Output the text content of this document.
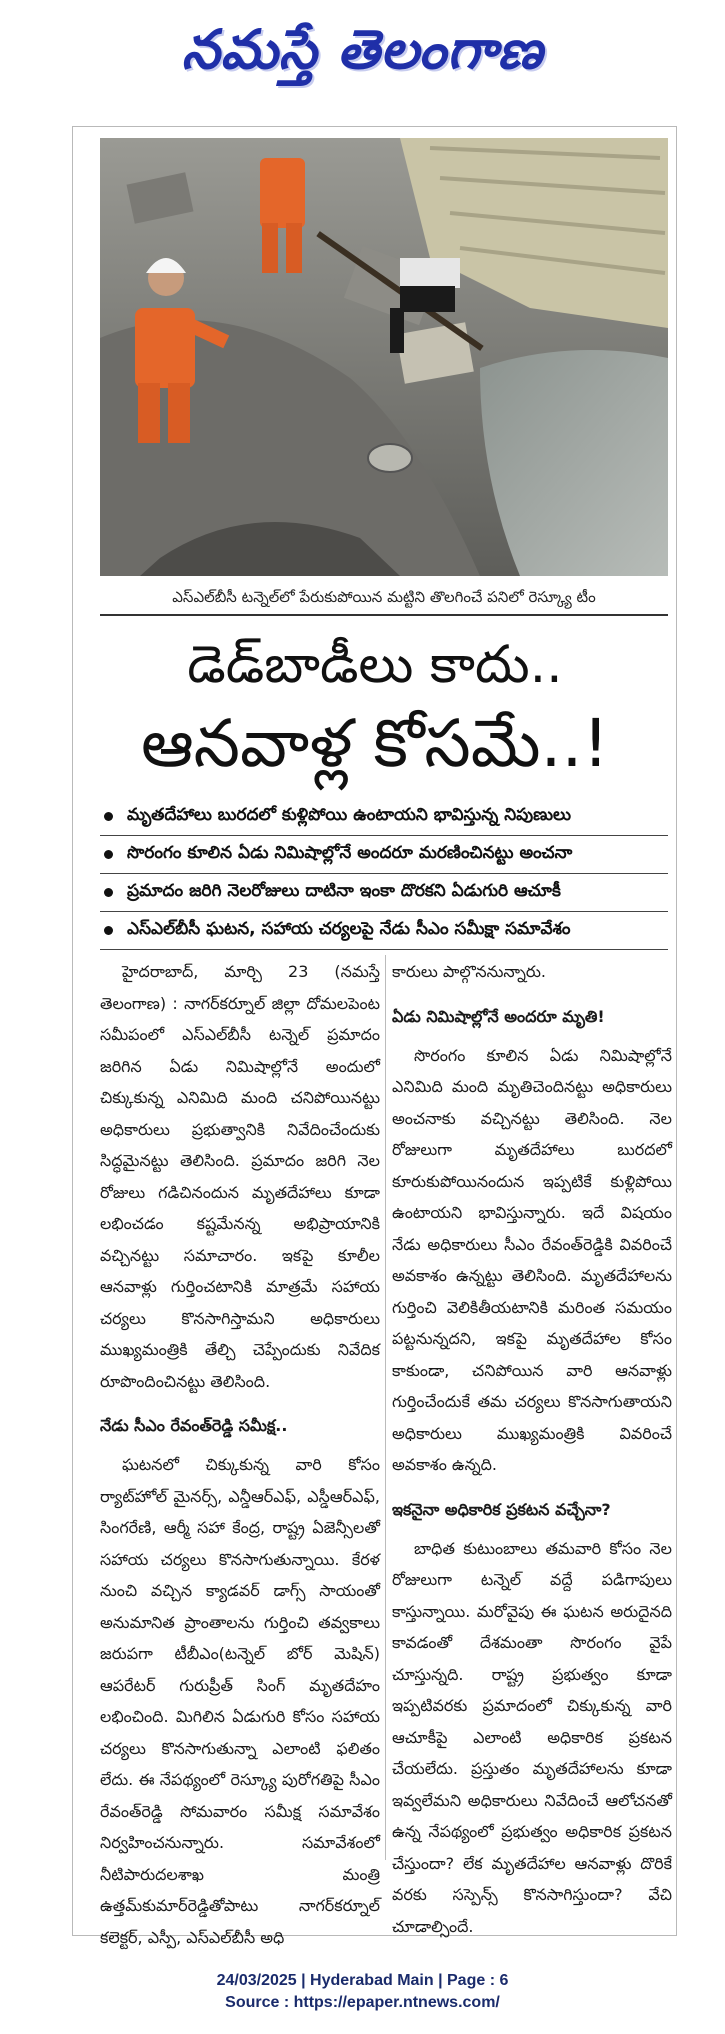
నమస్తే తెలంగాణ
ఎస్‌ఎల్‌బీసీ టన్నెల్‌లో పేరుకుపోయిన మట్టిని తొలగించే పనిలో రెస్క్యూ టీం
డెడ్‌బాడీలు కాదు..
ఆనవాళ్ల కోసమే..!
మృతదేహాలు బురదలో కుళ్లిపోయి ఉంటాయని భావిస్తున్న నిపుణులు
సొరంగం కూలిన ఏడు నిమిషాల్లోనే అందరూ మరణించినట్టు అంచనా
ప్రమాదం జరిగి నెలరోజులు దాటినా ఇంకా దొరకని ఏడుగురి ఆచూకీ
ఎస్‌ఎల్‌బీసీ ఘటన, సహాయ చర్యలపై నేడు సీఎం సమీక్షా సమావేశం

హైదరాబాద్, మార్చి 23 (నమస్తే తెలంగాణ) : నాగర్‌కర్నూల్ జిల్లా దోమలపెంట సమీపంలో ఎస్‌ఎల్‌బీసీ టన్నెల్ ప్రమాదం జరిగిన ఏడు నిమిషాల్లోనే అందులో చిక్కుకున్న ఎనిమిది మంది చనిపోయినట్టు అధికారులు ప్రభుత్వానికి నివేదించేందుకు సిద్ధమైనట్టు తెలిసింది. ప్రమాదం జరిగి నెల రోజులు గడిచినందున మృతదేహాలు కూడా లభించడం కష్టమేనన్న అభిప్రాయానికి వచ్చినట్టు సమాచారం. ఇకపై కూలీల ఆనవాళ్లు గుర్తించటానికి మాత్రమే సహాయ చర్యలు కొనసాగిస్తామని అధికారులు ముఖ్యమంత్రికి తేల్చి చెప్పేందుకు నివేదిక రూపొందించినట్టు తెలిసింది.

నేడు సీఎం రేవంత్‌రెడ్డి సమీక్ష..

ఘటనలో చిక్కుకున్న వారి కోసం ర్యాట్‌హోల్ మైనర్స్, ఎన్డీఆర్‌ఎఫ్, ఎస్డీఆర్‌ఎఫ్, సింగరేణి, ఆర్మీ సహా కేంద్ర, రాష్ట్ర ఏజెన్సీలతో సహాయ చర్యలు కొనసాగుతున్నాయి. కేరళ నుంచి వచ్చిన క్యాడవర్ డాగ్స్ సాయంతో అనుమానిత ప్రాంతాలను గుర్తించి తవ్వకాలు జరుపగా టీబీఎం(టన్నెల్ బోర్ మెషిన్) ఆపరేటర్ గురుప్రీత్ సింగ్ మృతదేహం లభించింది. మిగిలిన ఏడుగురి కోసం సహాయ చర్యలు కొనసాగుతున్నా ఎలాంటి ఫలితం లేదు. ఈ నేపథ్యంలో రెస్క్యూ పురోగతిపై సీఎం రేవంత్‌రెడ్డి సోమవారం సమీక్ష సమావేశం నిర్వహించనున్నారు. సమావేశంలో నీటిపారుదలశాఖ మంత్రి ఉత్తమ్‌కుమార్‌రెడ్డితోపాటు నాగర్‌కర్నూల్ కలెక్టర్, ఎస్పీ, ఎస్‌ఎల్‌బీసీ అధి

కారులు పాల్గొననున్నారు.

ఏడు నిమిషాల్లోనే అందరూ మృతి!

సొరంగం కూలిన ఏడు నిమిషాల్లోనే ఎనిమిది మంది మృతిచెందినట్టు అధికారులు అంచనాకు వచ్చినట్టు తెలిసింది. నెల రోజులుగా మృతదేహాలు బురదలో కూరుకుపోయినందున ఇప్పటికే కుళ్లిపోయి ఉంటాయని భావిస్తున్నారు. ఇదే విషయం నేడు అధికారులు సీఎం రేవంత్‌రెడ్డికి వివరించే అవకాశం ఉన్నట్టు తెలిసింది. మృతదేహాలను గుర్తించి వెలికితీయటానికి మరింత సమయం పట్టనున్నదని, ఇకపై మృతదేహాల కోసం కాకుండా, చనిపోయిన వారి ఆనవాళ్లు గుర్తించేందుకే తమ చర్యలు కొనసాగుతాయని అధికారులు ముఖ్యమంత్రికి వివరించే అవకాశం ఉన్నది.

ఇకనైనా అధికారిక ప్రకటన వచ్చేనా?

బాధిత కుటుంబాలు తమవారి కోసం నెల రోజులుగా టన్నెల్ వద్దే పడిగాపులు కాస్తున్నాయి. మరోవైపు ఈ ఘటన అరుదైనది కావడంతో దేశమంతా సొరంగం వైపే చూస్తున్నది. రాష్ట్ర ప్రభుత్వం కూడా ఇప్పటివరకు ప్రమాదంలో చిక్కుకున్న వారి ఆచూకీపై ఎలాంటి అధికారిక ప్రకటన చేయలేదు. ప్రస్తుతం మృతదేహాలను కూడా ఇవ్వలేమని అధికారులు నివేదించే ఆలోచనతో ఉన్న నేపథ్యంలో ప్రభుత్వం అధికారిక ప్రకటన చేస్తుందా? లేక మృతదేహాల ఆనవాళ్లు దొరికే వరకు సస్పెన్స్ కొనసాగిస్తుందా? వేచి చూడాల్సిందే.

24/03/2025 | Hyderabad Main | Page : 6
Source : https://epaper.ntnews.com/
